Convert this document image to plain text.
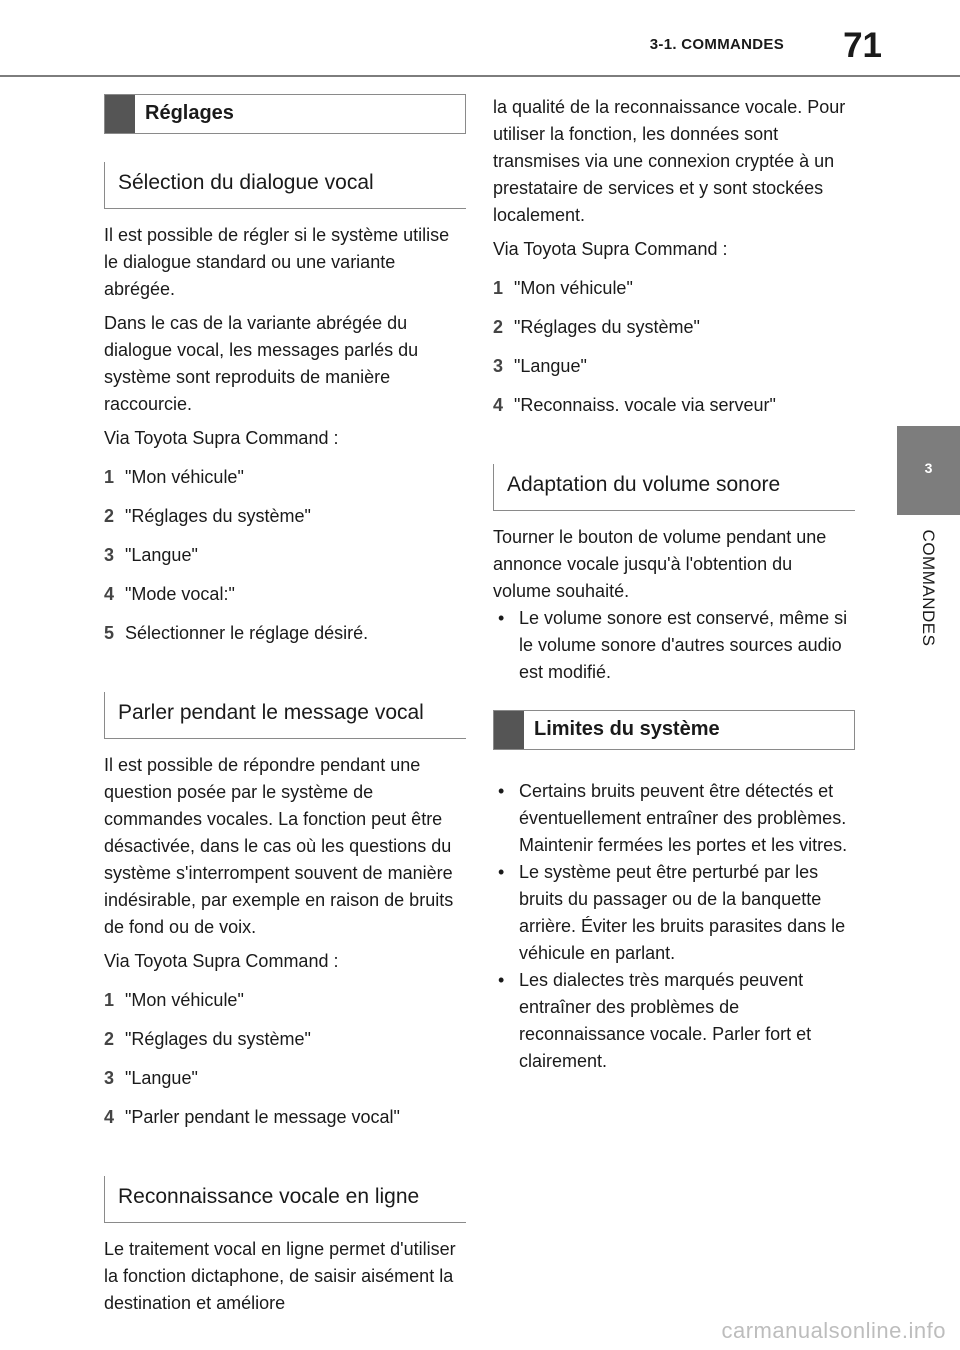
3-1. COMMANDES 71
3
COMMANDES
Réglages
Sélection du dialogue vocal

Il est possible de régler si le système utilise le dialogue standard ou une variante abrégée.

Dans le cas de la variante abrégée du dialogue vocal, les messages parlés du système sont reproduits de manière raccourcie.

Via Toyota Supra Command :

1 "Mon véhicule"
2 "Réglages du système"
3 "Langue"
4 "Mode vocal:"
5 Sélectionner le réglage désiré.
Parler pendant le message vocal

Il est possible de répondre pendant une question posée par le système de commandes vocales. La fonction peut être désactivée, dans le cas où les questions du système s'interrompent souvent de manière indésirable, par exemple en raison de bruits de fond ou de voix.

Via Toyota Supra Command :

1 "Mon véhicule"
2 "Réglages du système"
3 "Langue"
4 "Parler pendant le message vocal"
Reconnaissance vocale en ligne

Le traitement vocal en ligne permet d'utiliser la fonction dictaphone, de saisir aisément la destination et améliore

la qualité de la reconnaissance vocale. Pour utiliser la fonction, les données sont transmises via une connexion cryptée à un prestataire de services et y sont stockées localement.

Via Toyota Supra Command :

1 "Mon véhicule"
2 "Réglages du système"
3 "Langue"
4 "Reconnaiss. vocale via serveur"
Adaptation du volume sonore

Tourner le bouton de volume pendant une annonce vocale jusqu'à l'obtention du volume souhaité.

• Le volume sonore est conservé, même si le volume sonore d'autres sources audio est modifié.
Limites du système
• Certains bruits peuvent être détectés et éventuellement entraîner des problèmes. Maintenir fermées les portes et les vitres.
• Le système peut être perturbé par les bruits du passager ou de la banquette arrière. Éviter les bruits parasites dans le véhicule en parlant.
• Les dialectes très marqués peuvent entraîner des problèmes de reconnaissance vocale. Parler fort et clairement.
carmanualsonline.info
